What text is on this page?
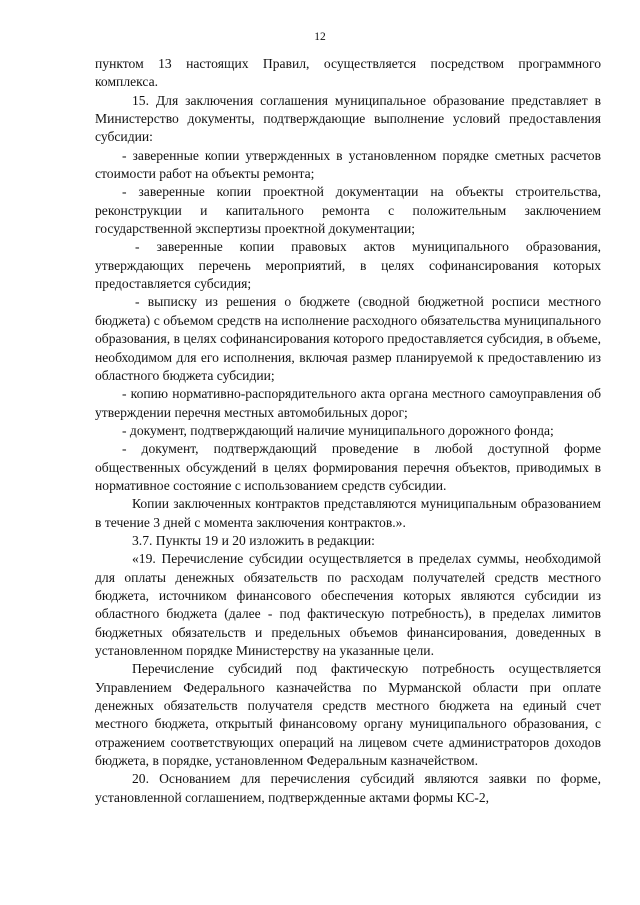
12

пунктом 13 настоящих Правил, осуществляется посредством программного комплекса.

15. Для заключения соглашения муниципальное образование представляет в Министерство документы, подтверждающие выполнение условий предоставления субсидии:

- заверенные копии утвержденных в установленном порядке сметных расчетов стоимости работ на объекты ремонта;

- заверенные копии проектной документации на объекты строительства, реконструкции и капитального ремонта с положительным заключением государственной экспертизы проектной документации;

- заверенные копии правовых актов муниципального образования, утверждающих перечень мероприятий, в целях софинансирования которых предоставляется субсидия;

- выписку из решения о бюджете (сводной бюджетной росписи местного бюджета) с объемом средств на исполнение расходного обязательства муниципального образования, в целях софинансирования которого предоставляется субсидия, в объеме, необходимом для его исполнения, включая размер планируемой к предоставлению из областного бюджета субсидии;

- копию нормативно-распорядительного акта органа местного самоуправления об утверждении перечня местных автомобильных дорог;

- документ, подтверждающий наличие муниципального дорожного фонда;

- документ, подтверждающий проведение в любой доступной форме общественных обсуждений в целях формирования перечня объектов, приводимых в нормативное состояние с использованием средств субсидии.

Копии заключенных контрактов представляются муниципальным образованием в течение 3 дней с момента заключения контрактов.».

3.7. Пункты 19 и 20 изложить в редакции:

«19. Перечисление субсидии осуществляется в пределах суммы, необходимой для оплаты денежных обязательств по расходам получателей средств местного бюджета, источником финансового обеспечения которых являются субсидии из областного бюджета (далее - под фактическую потребность), в пределах лимитов бюджетных обязательств и предельных объемов финансирования, доведенных в установленном порядке Министерству на указанные цели.

Перечисление субсидий под фактическую потребность осуществляется Управлением Федерального казначейства по Мурманской области при оплате денежных обязательств получателя средств местного бюджета на единый счет местного бюджета, открытый финансовому органу муниципального образования, с отражением соответствующих операций на лицевом счете администраторов доходов бюджета, в порядке, установленном Федеральным казначейством.

20. Основанием для перечисления субсидий являются заявки по форме, установленной соглашением, подтвержденные актами формы КС-2,
